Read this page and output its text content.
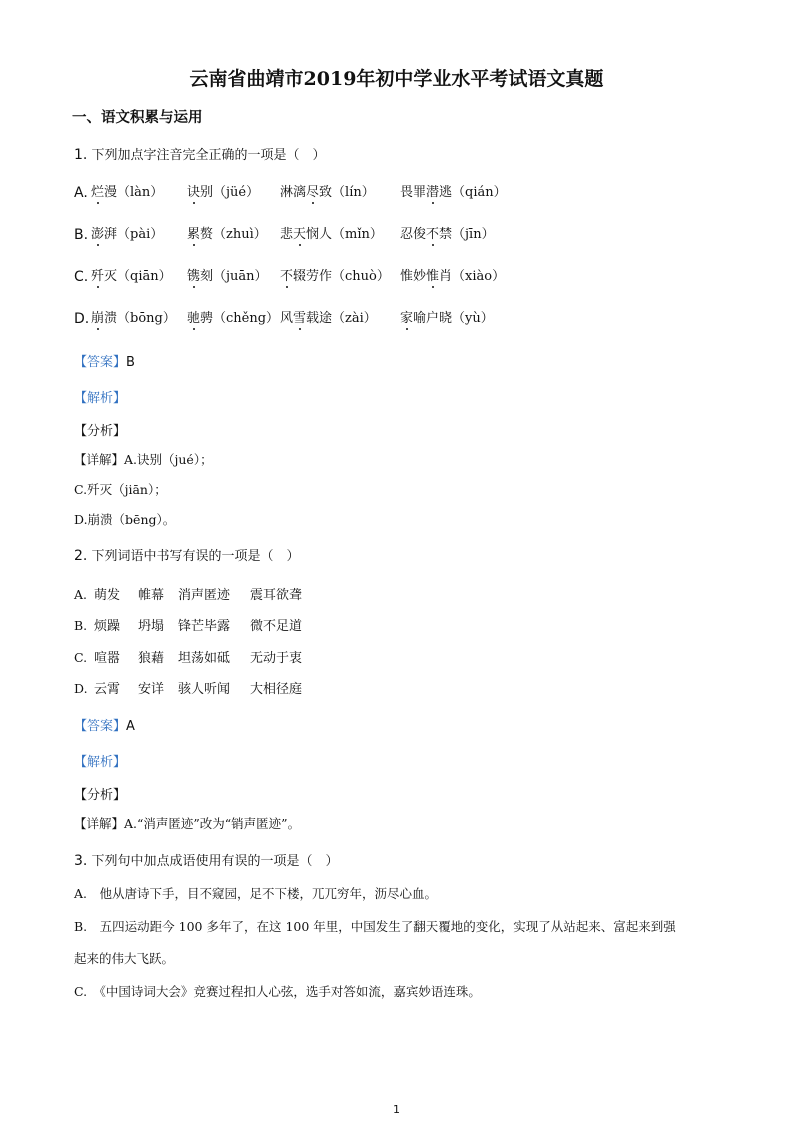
云南省曲靖市2019年初中学业水平考试语文真题
一、语文积累与运用
1. 下列加点字注音完全正确的一项是（　）
A. 烂漫（làn） 诀别（jüé） 淋漓尽致（lín） 畏罪潜逃（qián）
B. 澎湃（pài） 累赘（zhuì） 悲天悯人（mǐn） 忍俊不禁（jīn）
C. 歼灭（qiān） 镌刻（juān） 不辍劳作（chuò） 惟妙惟肖（xiào）
D. 崩溃（bōng） 驰骋（chěng） 风雪载途（zài） 家喻户晓（yù）
【答案】B
【解析】
【分析】
【详解】A.诀别（jué）；
C.歼灭（jiān）；
D.崩溃（bēng）。
2. 下列词语中书写有误的一项是（　）
A. 萌发 帷幕 消声匿迹 震耳欲聋
B. 烦躁 坍塌 锋芒毕露 微不足道
C. 喧嚣 狼藉 坦荡如砥 无动于衷
D. 云霄 安详 骇人听闻 大相径庭
【答案】A
【解析】
【分析】
【详解】A.“消声匿迹”改为“销声匿迹”。
3. 下列句中加点成语使用有误的一项是（　）
A.　他从唐诗下手，目不窥园，足不下楼，兀兀穷年，沥尽心血。
B.　五四运动距今 100 多年了，在这 100 年里，中国发生了翻天覆地的变化，实现了从站起来、富起来到强
起来的伟大飞跃。
C.　《中国诗词大会》竞赛过程扣人心弦，选手对答如流，嘉宾妙语连珠。
1
